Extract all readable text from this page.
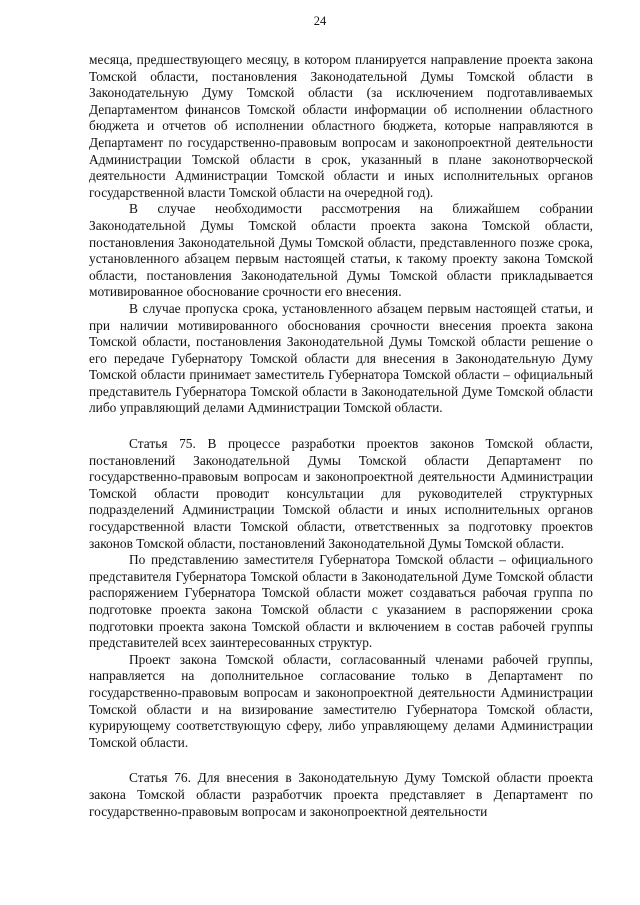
24

месяца, предшествующего месяцу, в котором планируется направление проекта закона Томской области, постановления Законодательной Думы Томской области в Законодательную Думу Томской области (за исключением подготавливаемых Департаментом финансов Томской области информации об исполнении областного бюджета и отчетов об исполнении областного бюджета, которые направляются в Департамент по государственно-правовым вопросам и законопроектной деятельности Администрации Томской области в срок, указанный в плане законотворческой деятельности Администрации Томской области и иных исполнительных органов государственной власти Томской области на очередной год).

В случае необходимости рассмотрения на ближайшем собрании Законодательной Думы Томской области проекта закона Томской области, постановления Законодательной Думы Томской области, представленного позже срока, установленного абзацем первым настоящей статьи, к такому проекту закона Томской области, постановления Законодательной Думы Томской области прикладывается мотивированное обоснование срочности его внесения.

В случае пропуска срока, установленного абзацем первым настоящей статьи, и при наличии мотивированного обоснования срочности внесения проекта закона Томской области, постановления Законодательной Думы Томской области решение о его передаче Губернатору Томской области для внесения в Законодательную Думу Томской области принимает заместитель Губернатора Томской области – официальный представитель Губернатора Томской области в Законодательной Думе Томской области либо управляющий делами Администрации Томской области.

Статья 75. В процессе разработки проектов законов Томской области, постановлений Законодательной Думы Томской области Департамент по государственно-правовым вопросам и законопроектной деятельности Администрации Томской области проводит консультации для руководителей структурных подразделений Администрации Томской области и иных исполнительных органов государственной власти Томской области, ответственных за подготовку проектов законов Томской области, постановлений Законодательной Думы Томской области.

По представлению заместителя Губернатора Томской области – официального представителя Губернатора Томской области в Законодательной Думе Томской области распоряжением Губернатора Томской области может создаваться рабочая группа по подготовке проекта закона Томской области с указанием в распоряжении срока подготовки проекта закона Томской области и включением в состав рабочей группы представителей всех заинтересованных структур.

Проект закона Томской области, согласованный членами рабочей группы, направляется на дополнительное согласование только в Департамент по государственно-правовым вопросам и законопроектной деятельности Администрации Томской области и на визирование заместителю Губернатора Томской области, курирующему соответствующую сферу, либо управляющему делами Администрации Томской области.

Статья 76. Для внесения в Законодательную Думу Томской области проекта закона Томской области разработчик проекта представляет в Департамент по государственно-правовым вопросам и законопроектной деятельности
